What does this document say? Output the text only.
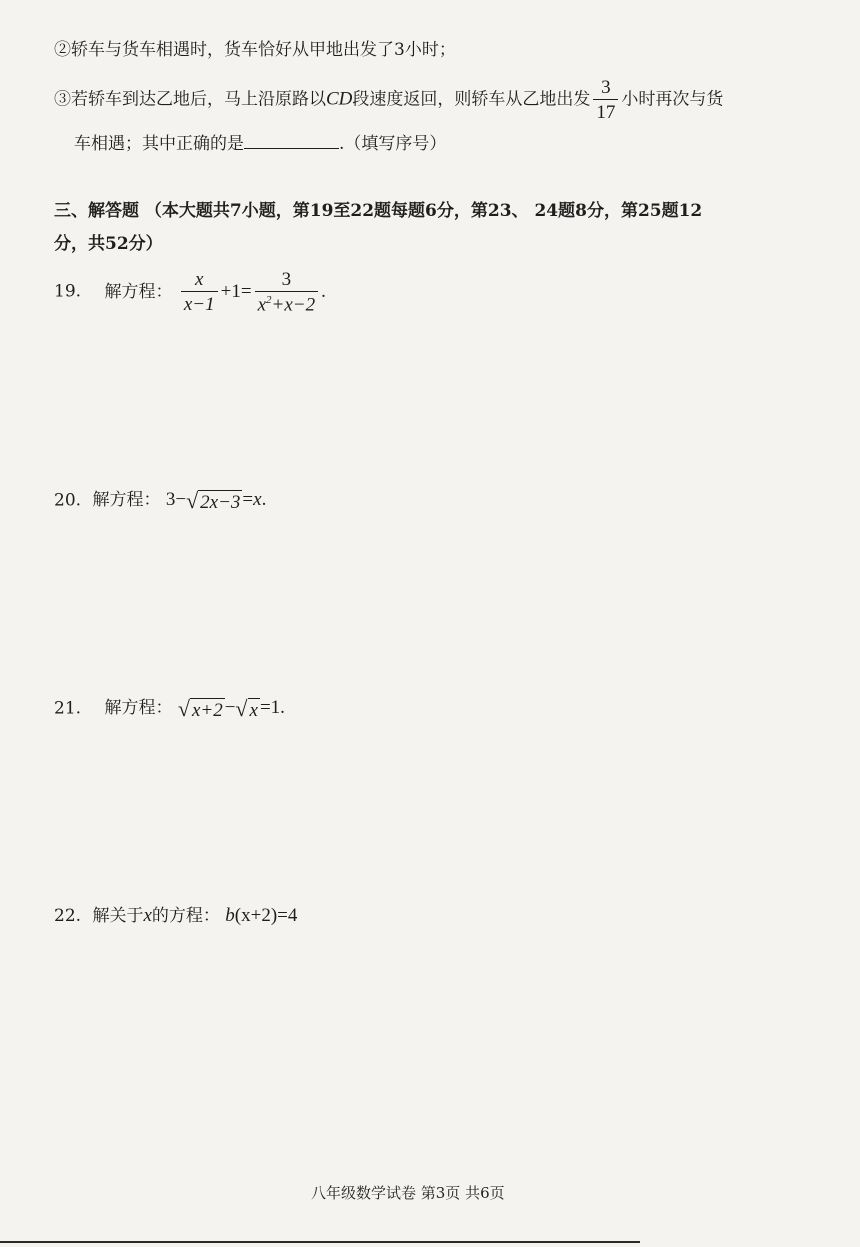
②轿车与货车相遇时，货车恰好从甲地出发了3小时；
③若轿车到达乙地后，马上沿原路以CD段速度返回，则轿车从乙地出发 $\frac{3}{17}$ 小时再次与货
车相遇；其中正确的是	.（填写序号）
三、解答题 （本大题共7小题，第19至22题每题6分，第23、 24题8分，第25题12
分，共52分）
19. 解方程： $\frac{x}{x-1} +1= \frac{3}{x^2+x-2}$ .
20. 解方程： 3− √ 2x−3 =x.
21. 解方程： √ x+2 − √ x =1.
22. 解关于x的方程： b(x+2)=4
八年级数学试卷 第3页 共6页
